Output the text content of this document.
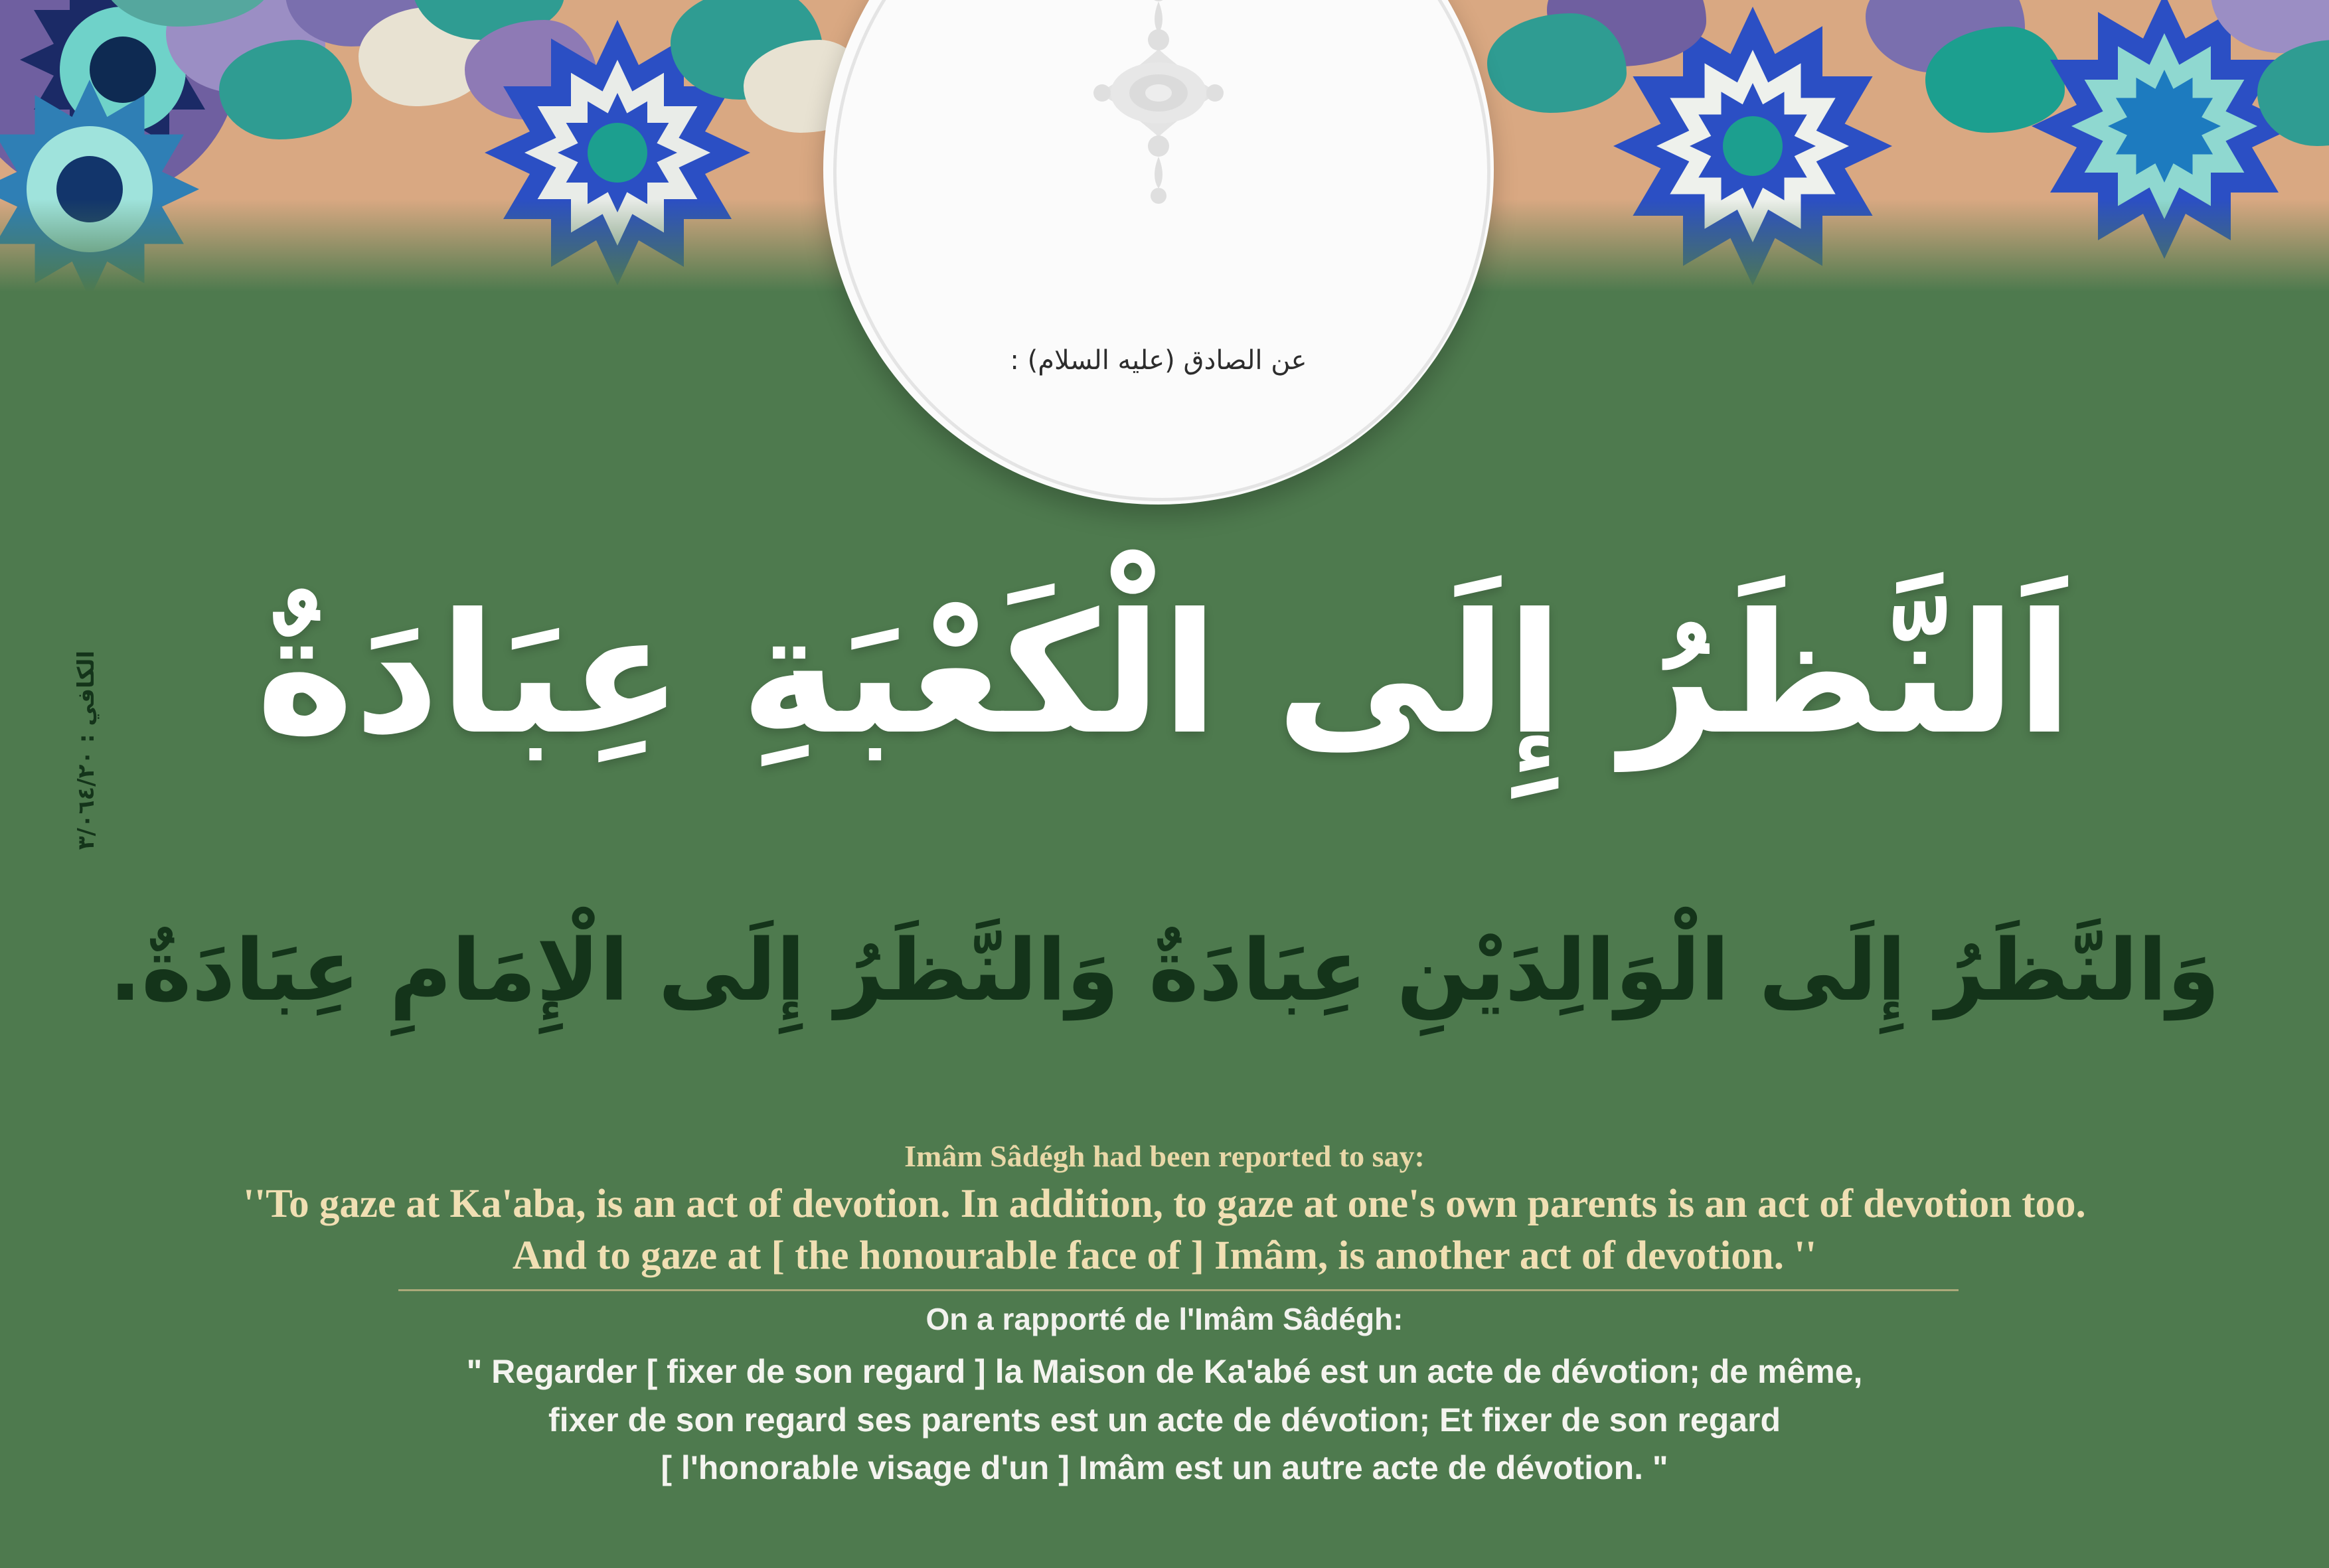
عن الصادق (عليه السلام) :
اَلنَّظَرُ إِلَى الْكَعْبَةِ عِبَادَةٌ
وَالنَّظَرُ إِلَى الْوَالِدَيْنِ عِبَادَةٌ وَالنَّظَرُ إِلَى الْإِمَامِ عِبَادَةٌ.
الكافي : ٣/٠٦٤/٢٠
Imâm Sâdégh had been reported to say:
''To gaze at Ka'aba, is an act of devotion. In addition, to gaze at one's own parents is an act of devotion too.
And to gaze at [ the honourable face of ] Imâm, is another act of devotion. ''
On a rapporté de l'Imâm Sâdégh:
" Regarder [ fixer de son regard ] la Maison de Ka'abé est un acte de dévotion; de même,
fixer de son regard ses parents est un acte de dévotion; Et fixer de son regard
[ l'honorable visage d'un ] Imâm est un autre acte de dévotion. "
